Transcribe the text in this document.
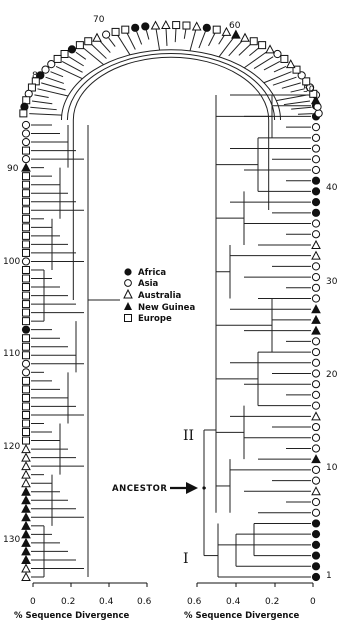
40
30
20
10
1
50
60
70
80
90
100
110
120
130
II
I
ANCESTOR
Africa
Asia
Australia
New Guinea
Europe
0	0.2	0.4	0.6
% Sequence Divergence
0.6	0.4	0.2	0
% Sequence Divergence
